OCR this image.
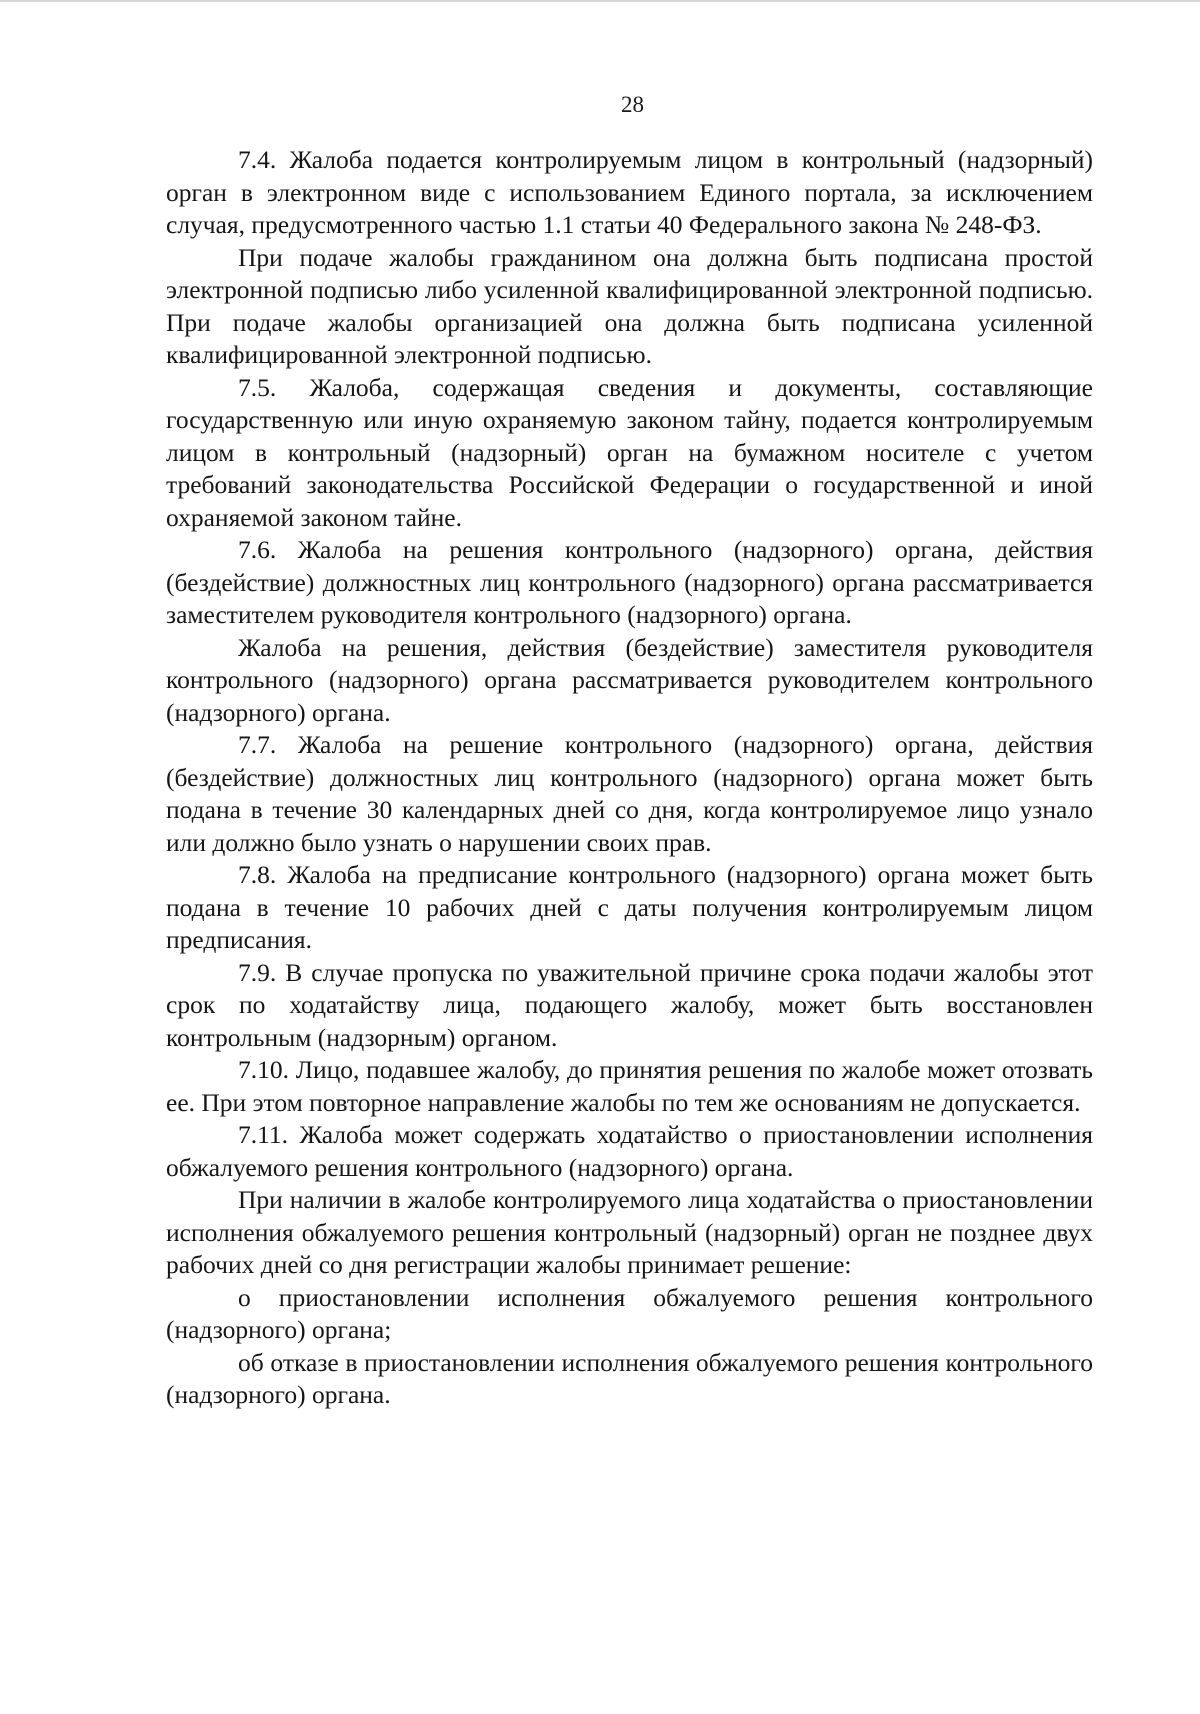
28

7.4. Жалоба подается контролируемым лицом в контрольный (надзорный) орган в электронном виде с использованием Единого портала, за исключением случая, предусмотренного частью 1.1 статьи 40 Федерального закона № 248-ФЗ.

При подаче жалобы гражданином она должна быть подписана простой электронной подписью либо усиленной квалифицированной электронной подписью. При подаче жалобы организацией она должна быть подписана усиленной квалифицированной электронной подписью.

7.5. Жалоба, содержащая сведения и документы, составляющие государственную или иную охраняемую законом тайну, подается контролируемым лицом в контрольный (надзорный) орган на бумажном носителе с учетом требований законодательства Российской Федерации о государственной и иной охраняемой законом тайне.

7.6. Жалоба на решения контрольного (надзорного) органа, действия (бездействие) должностных лиц контрольного (надзорного) органа рассматривается заместителем руководителя контрольного (надзорного) органа.

Жалоба на решения, действия (бездействие) заместителя руководителя контрольного (надзорного) органа рассматривается руководителем контрольного (надзорного) органа.

7.7. Жалоба на решение контрольного (надзорного) органа, действия (бездействие) должностных лиц контрольного (надзорного) органа может быть подана в течение 30 календарных дней со дня, когда контролируемое лицо узнало или должно было узнать о нарушении своих прав.

7.8. Жалоба на предписание контрольного (надзорного) органа может быть подана в течение 10 рабочих дней с даты получения контролируемым лицом предписания.

7.9. В случае пропуска по уважительной причине срока подачи жалобы этот срок по ходатайству лица, подающего жалобу, может быть восстановлен контрольным (надзорным) органом.

7.10. Лицо, подавшее жалобу, до принятия решения по жалобе может отозвать ее. При этом повторное направление жалобы по тем же основаниям не допускается.

7.11. Жалоба может содержать ходатайство о приостановлении исполнения обжалуемого решения контрольного (надзорного) органа.

При наличии в жалобе контролируемого лица ходатайства о приостановлении исполнения обжалуемого решения контрольный (надзорный) орган не позднее двух рабочих дней со дня регистрации жалобы принимает решение:

о приостановлении исполнения обжалуемого решения контрольного (надзорного) органа;

об отказе в приостановлении исполнения обжалуемого решения контрольного (надзорного) органа.
